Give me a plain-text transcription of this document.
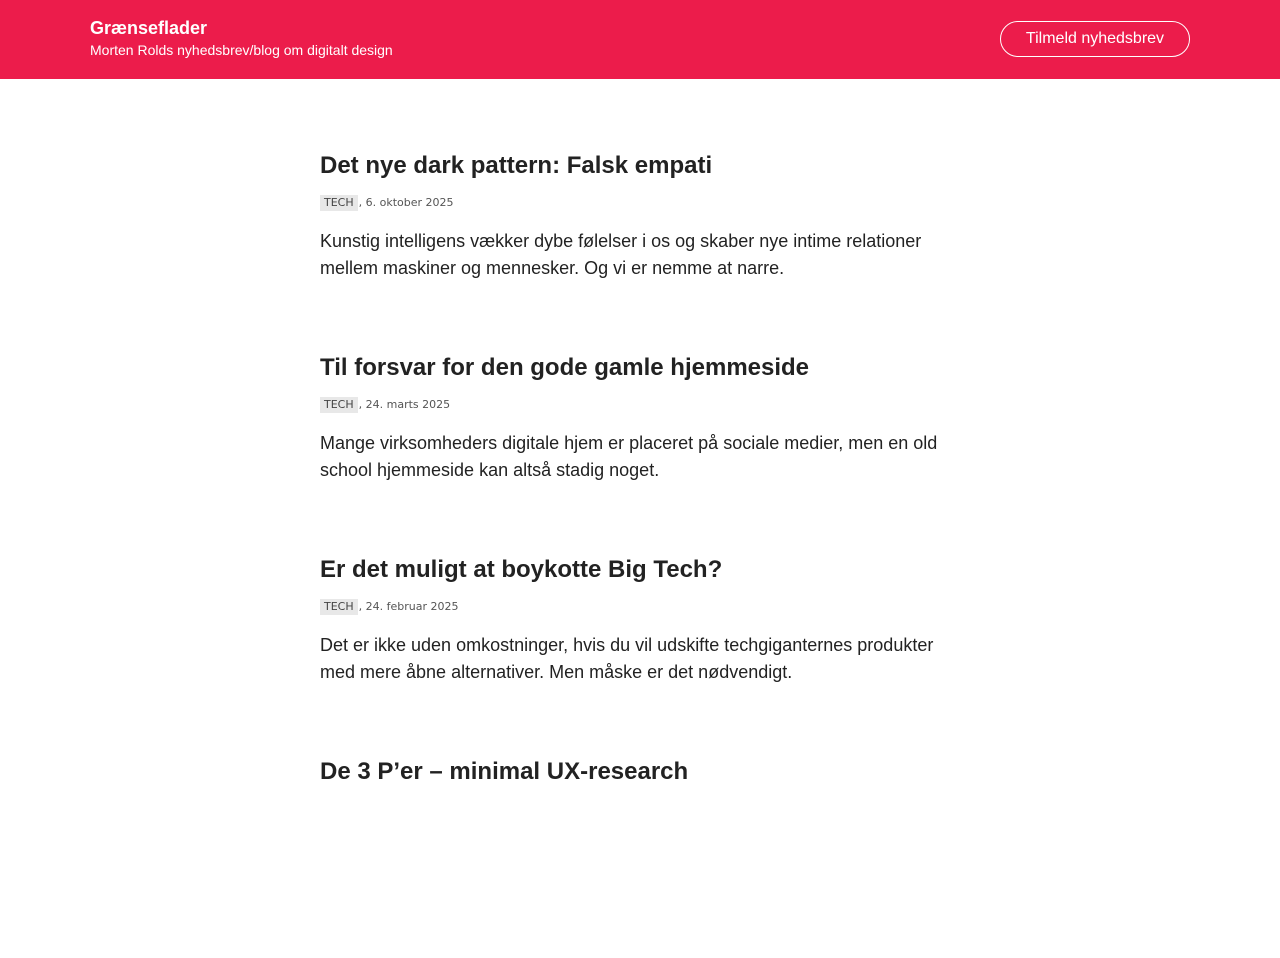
Grænseflader
Morten Rolds nyhedsbrev/blog om digitalt design
Tilmeld nyhedsbrev
Det nye dark pattern: Falsk empati
TECH , 6. oktober 2025

Kunstig intelligens vækker dybe følelser i os og skaber nye intime relationer mellem maskiner og mennesker. Og vi er nemme at narre.

Til forsvar for den gode gamle hjemmeside
TECH , 24. marts 2025

Mange virksomheders digitale hjem er placeret på sociale medier, men en old school hjemmeside kan altså stadig noget.

Er det muligt at boykotte Big Tech?
TECH , 24. februar 2025

Det er ikke uden omkostninger, hvis du vil udskifte techgiganternes produkter med mere åbne alternativer. Men måske er det nødvendigt.

De 3 P’er – minimal UX-research
